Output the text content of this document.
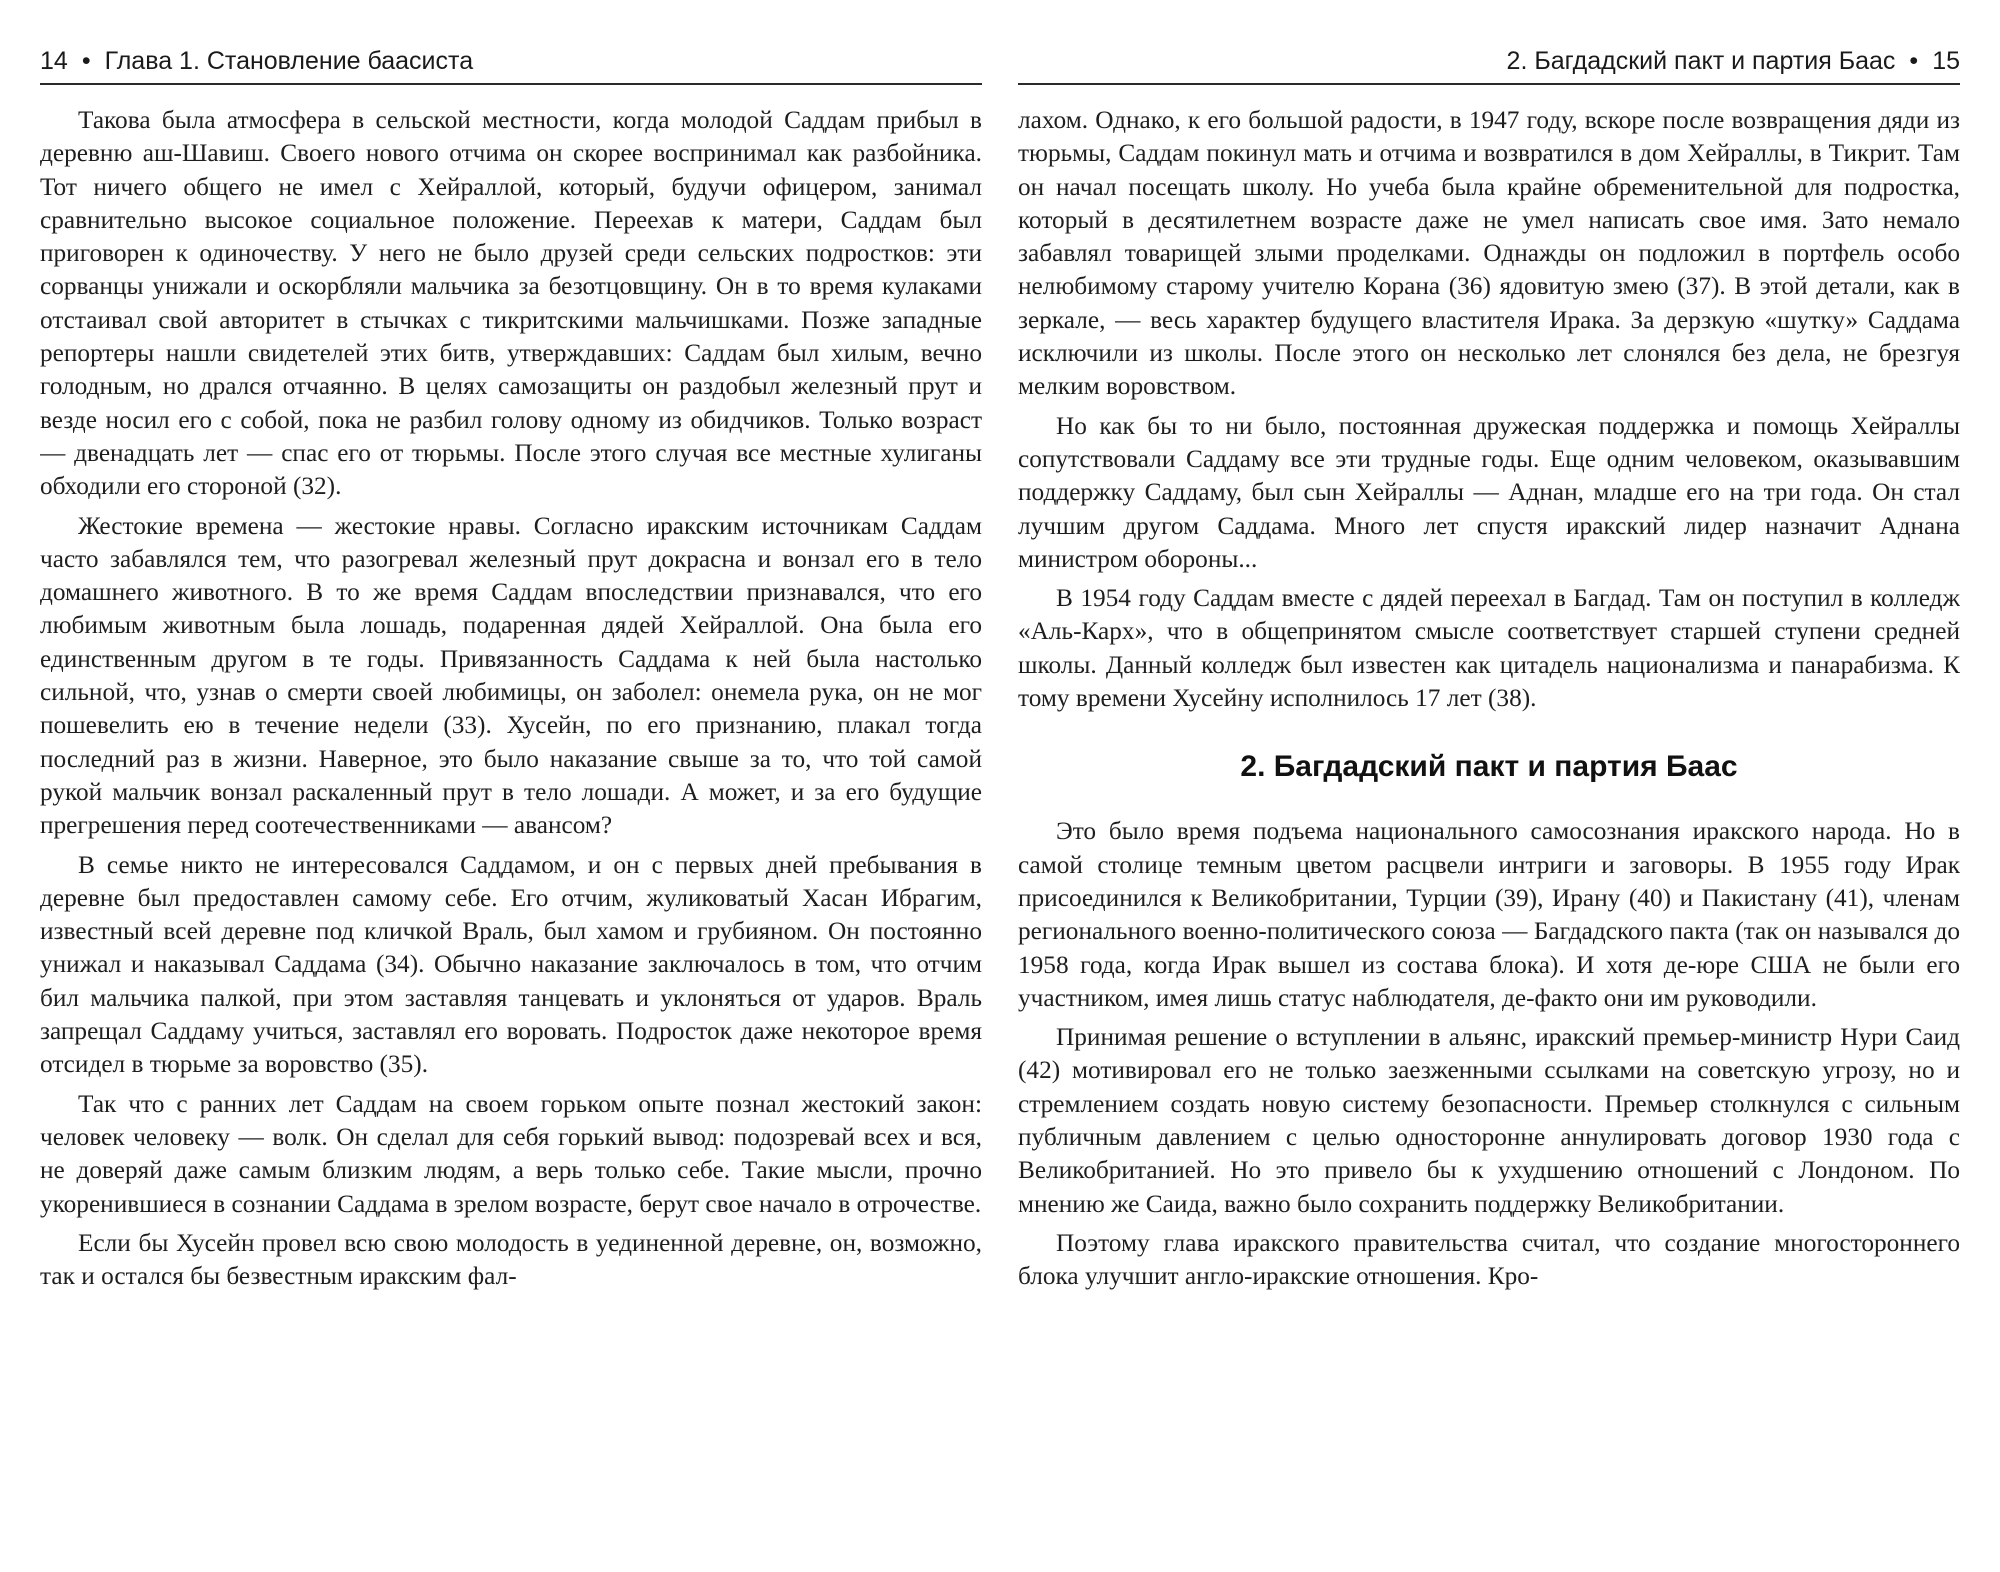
14 • Глава 1. Становление баасиста

Такова была атмосфера в сельской местности, когда молодой Саддам прибыл в деревню аш-Шавиш. Своего нового отчима он скорее воспринимал как разбойника. Тот ничего общего не имел с Хейраллой, который, будучи офицером, занимал сравнительно высокое социальное положение. Переехав к матери, Саддам был приговорен к одиночеству. У него не было друзей среди сельских подростков: эти сорванцы унижали и оскорбляли мальчика за безотцовщину. Он в то время кулаками отстаивал свой авторитет в стычках с тикритскими мальчишками. Позже западные репортеры нашли свидетелей этих битв, утверждавших: Саддам был хилым, вечно голодным, но дрался отчаянно. В целях самозащиты он раздобыл железный прут и везде носил его с собой, пока не разбил голову одному из обидчиков. Только возраст — двенадцать лет — спас его от тюрьмы. После этого случая все местные хулиганы обходили его стороной (32).

Жестокие времена — жестокие нравы. Согласно иракским источникам Саддам часто забавлялся тем, что разогревал железный прут докрасна и вонзал его в тело домашнего животного. В то же время Саддам впоследствии признавался, что его любимым животным была лошадь, подаренная дядей Хейраллой. Она была его единственным другом в те годы. Привязанность Саддама к ней была настолько сильной, что, узнав о смерти своей любимицы, он заболел: онемела рука, он не мог пошевелить ею в течение недели (33). Хусейн, по его признанию, плакал тогда последний раз в жизни. Наверное, это было наказание свыше за то, что той самой рукой мальчик вонзал раскаленный прут в тело лошади. А может, и за его будущие прегрешения перед соотечественниками — авансом?

В семье никто не интересовался Саддамом, и он с первых дней пребывания в деревне был предоставлен самому себе. Его отчим, жуликоватый Хасан Ибрагим, известный всей деревне под кличкой Враль, был хамом и грубияном. Он постоянно унижал и наказывал Саддама (34). Обычно наказание заключалось в том, что отчим бил мальчика палкой, при этом заставляя танцевать и уклоняться от ударов. Враль запрещал Саддаму учиться, заставлял его воровать. Подросток даже некоторое время отсидел в тюрьме за воровство (35).

Так что с ранних лет Саддам на своем горьком опыте познал жестокий закон: человек человеку — волк. Он сделал для себя горький вывод: подозревай всех и вся, не доверяй даже самым близким людям, а верь только себе. Такие мысли, прочно укоренившиеся в сознании Саддама в зрелом возрасте, берут свое начало в отрочестве.

Если бы Хусейн провел всю свою молодость в уединенной деревне, он, возможно, так и остался бы безвестным иракским фал-

2. Багдадский пакт и партия Баас • 15

лахом. Однако, к его большой радости, в 1947 году, вскоре после возвращения дяди из тюрьмы, Саддам покинул мать и отчима и возвратился в дом Хейраллы, в Тикрит. Там он начал посещать школу. Но учеба была крайне обременительной для подростка, который в десятилетнем возрасте даже не умел написать свое имя. Зато немало забавлял товарищей злыми проделками. Однажды он подложил в портфель особо нелюбимому старому учителю Корана (36) ядовитую змею (37). В этой детали, как в зеркале, — весь характер будущего властителя Ирака. За дерзкую «шутку» Саддама исключили из школы. После этого он несколько лет слонялся без дела, не брезгуя мелким воровством.

Но как бы то ни было, постоянная дружеская поддержка и помощь Хейраллы сопутствовали Саддаму все эти трудные годы. Еще одним человеком, оказывавшим поддержку Саддаму, был сын Хейраллы — Аднан, младше его на три года. Он стал лучшим другом Саддама. Много лет спустя иракский лидер назначит Аднана министром обороны...

В 1954 году Саддам вместе с дядей переехал в Багдад. Там он поступил в колледж «Аль-Карх», что в общепринятом смысле соответствует старшей ступени средней школы. Данный колледж был известен как цитадель национализма и панарабизма. К тому времени Хусейну исполнилось 17 лет (38).

2. Багдадский пакт и партия Баас

Это было время подъема национального самосознания иракского народа. Но в самой столице темным цветом расцвели интриги и заговоры. В 1955 году Ирак присоединился к Великобритании, Турции (39), Ирану (40) и Пакистану (41), членам регионального военно-политического союза — Багдадского пакта (так он назывался до 1958 года, когда Ирак вышел из состава блока). И хотя де-юре США не были его участником, имея лишь статус наблюдателя, де-факто они им руководили.

Принимая решение о вступлении в альянс, иракский премьер-министр Нури Саид (42) мотивировал его не только заезженными ссылками на советскую угрозу, но и стремлением создать новую систему безопасности. Премьер столкнулся с сильным публичным давлением с целью односторонне аннулировать договор 1930 года с Великобританией. Но это привело бы к ухудшению отношений с Лондоном. По мнению же Саида, важно было сохранить поддержку Великобритании.

Поэтому глава иракского правительства считал, что создание многостороннего блока улучшит англо-иракские отношения. Кро-
